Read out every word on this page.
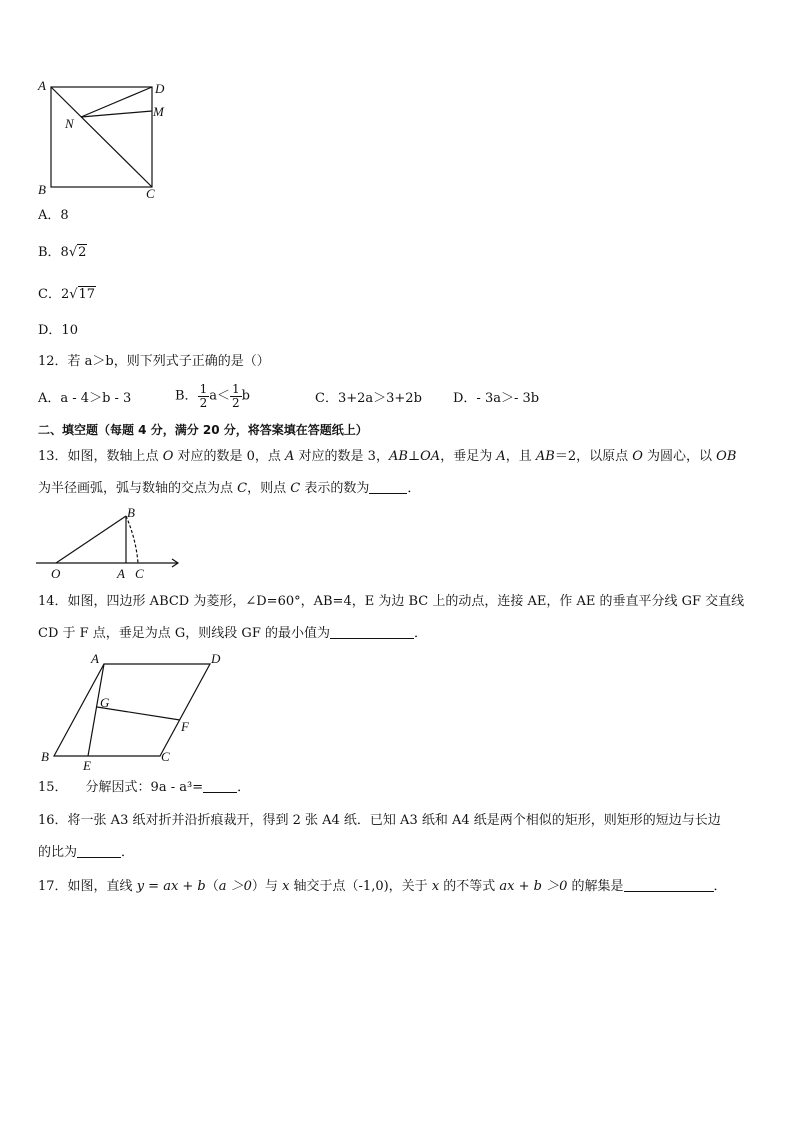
A	D
M
N
B	C
A．8
B．8√2
C．2√17
D．10
12．若 a＞b，则下列式子正确的是（）
A．a - 4＞b - 3	B． $\frac{1}{2} a< \frac{1}{2}$ b	C．3+2a＞3+2b D．- 3a＞- 3b
二、填空题（每题 4 分，满分 20 分，将答案填在答题纸上）
13．如图，数轴上点 O 对应的数是 0，点 A 对应的数是 3，AB⊥OA，垂足为 A，且 AB＝2，以原点 O 为圆心，以 OB
为半径画弧，弧与数轴的交点为点 C，则点 C 表示的数为	．
B
O	A C
14．如图，四边形 ABCD 为菱形，∠D=60°，AB=4，E 为边 BC 上的动点，连接 AE，作 AE 的垂直平分线 GF 交直线
CD 于 F 点，垂足为点 G，则线段 GF 的最小值为	．
A	D
G
F
B
E
C
15． 分解因式：9a - a³=	．
16．将一张 A3 纸对折并沿折痕裁开，得到 2 张 A4 纸．已知 A3 纸和 A4 纸是两个相似的矩形，则矩形的短边与长边
的比为	．
17．如图，直线 y = ax + b（a ＞0）与 x 轴交于点（-1,0)，关于 x 的不等式 ax + b ＞0 的解集是	．
